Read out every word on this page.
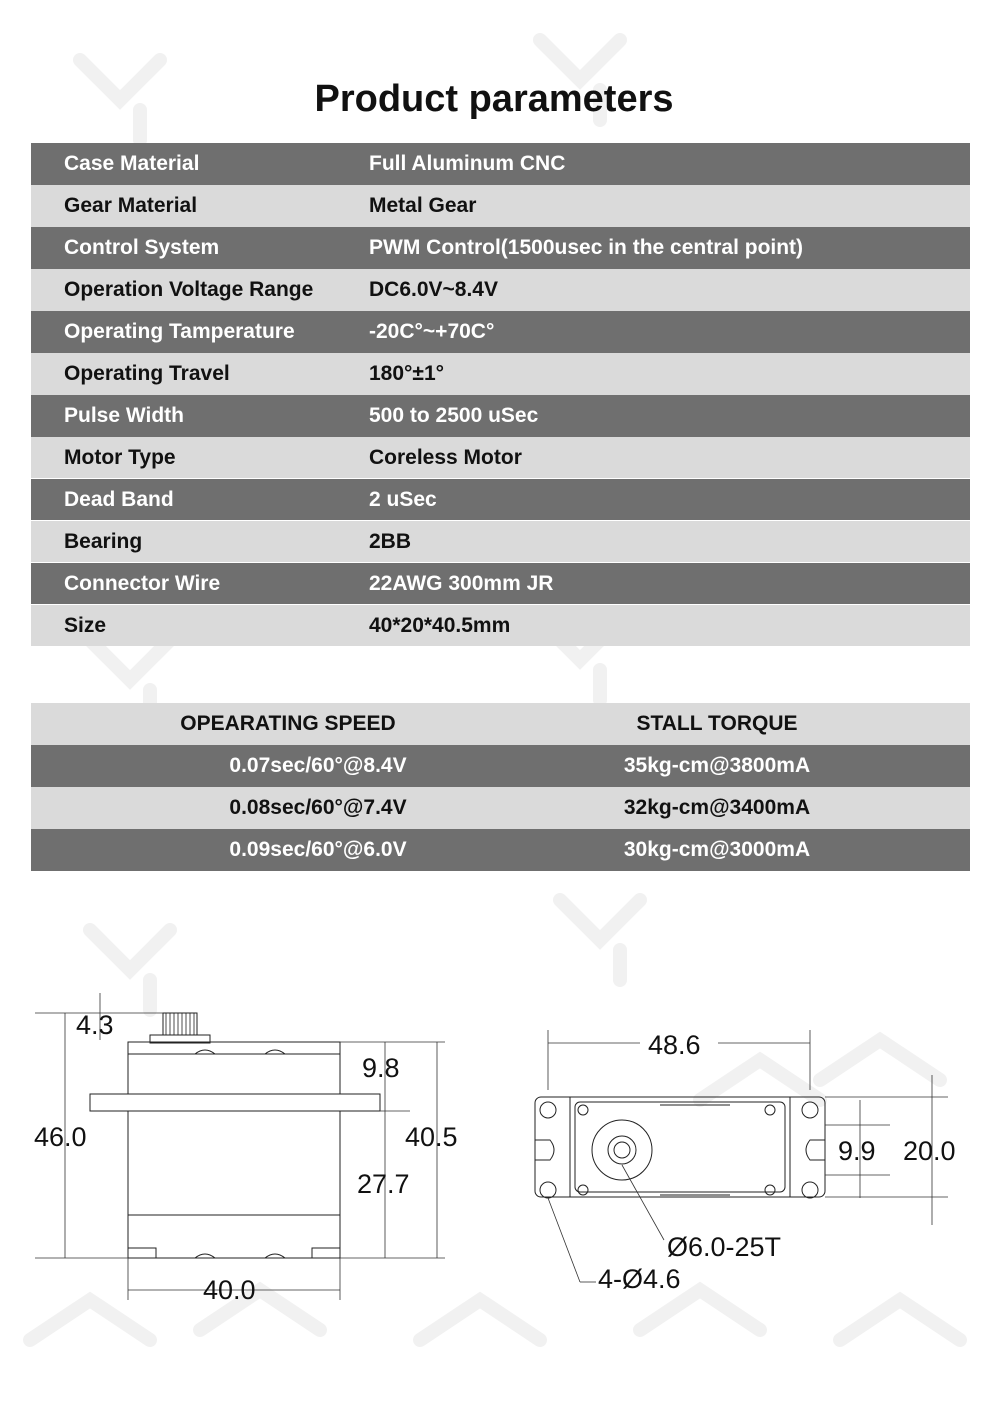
Product parameters
Case Material	Full Aluminum CNC
Gear Material	Metal Gear
Control System	PWM Control(1500usec in the central point)
Operation Voltage Range	DC6.0V~8.4V
Operating Tamperature	-20C°~+70C°
Operating Travel	180°±1°
Pulse Width	500 to 2500 uSec
Motor Type	Coreless Motor
Dead Band	2 uSec
Bearing	2BB
Connector Wire	22AWG 300mm JR
Size	40*20*40.5mm
OPEARATING SPEED	STALL TORQUE
0.07sec/60°@8.4V	35kg-cm@3800mA
0.08sec/60°@7.4V	32kg-cm@3400mA
0.09sec/60°@6.0V	30kg-cm@3000mA
4.3
46.0
9.8
40.5
27.7
40.0
48.6
9.9 20.0
Ø6.0-25T
4-Ø4.6
